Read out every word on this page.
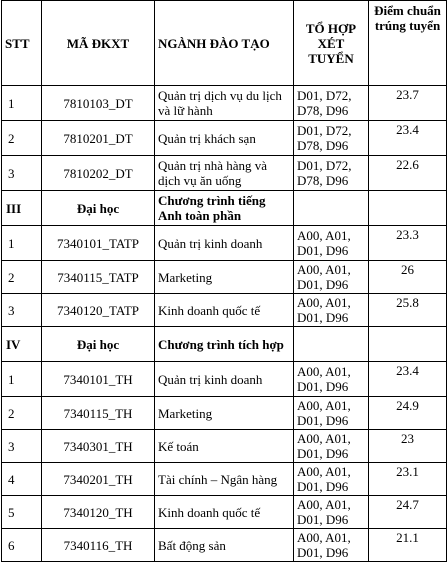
STT	MÃ ĐKXT	NGÀNH ĐÀO TẠO	TỔ HỢP XÉT TUYỂN	Điểm chuẩn trúng tuyển
1	7810103_DT	Quản trị dịch vụ du lịch và lữ hành	D01, D72, D78, D96	23.7
2	7810201_DT	Quản trị khách sạn	D01, D72, D78, D96	23.4
3	7810202_DT	Quản trị nhà hàng và dịch vụ ăn uống	D01, D72, D78, D96	22.6
III	Đại học	Chương trình tiếng Anh toàn phần		
1	7340101_TATP	Quản trị kinh doanh	A00, A01, D01, D96	23.3
2	7340115_TATP	Marketing	A00, A01, D01, D96	26
3	7340120_TATP	Kinh doanh quốc tế	A00, A01, D01, D96	25.8
IV	Đại học	Chương trình tích hợp		
1	7340101_TH	Quản trị kinh doanh	A00, A01, D01, D96	23.4
2	7340115_TH	Marketing	A00, A01, D01, D96	24.9
3	7340301_TH	Kế toán	A00, A01, D01, D96	23
4	7340201_TH	Tài chính – Ngân hàng	A00, A01, D01, D96	23.1
5	7340120_TH	Kinh doanh quốc tế	A00, A01, D01, D96	24.7
6	7340116_TH	Bất động sản	A00, A01, D01, D96	21.1
